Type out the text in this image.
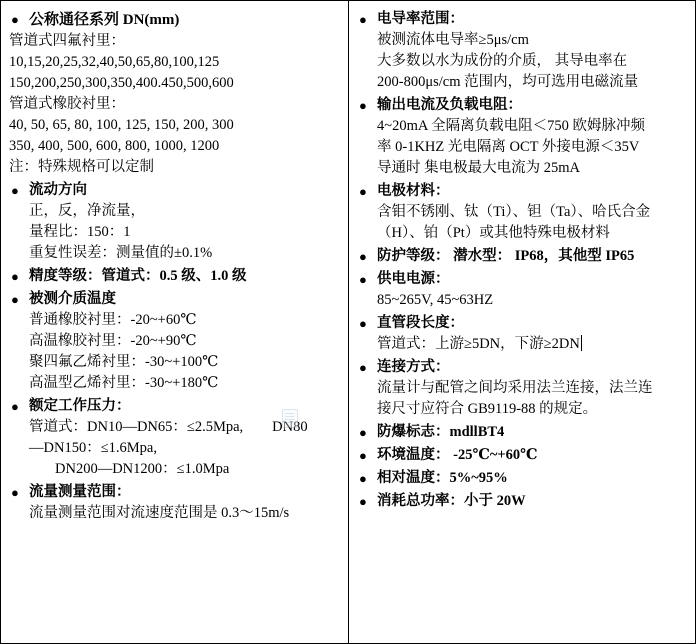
● 公称通径系列 DN(mm)
管道式四氟衬里：
10,15,20,25,32,40,50,65,80,100,125
150,200,250,300,350,400.450,500,600
管道式橡胶衬里：
40, 50, 65, 80, 100, 125, 150, 200, 300
350, 400, 500, 600, 800, 1000, 1200
注：特殊规格可以定制
● 流动方向
正，反，净流量，
量程比：150：1
重复性误差：测量值的±0.1%
● 精度等级：管道式：0.5 级、1.0 级
● 被测介质温度
普通橡胶衬里：-20~+60℃
高温橡胶衬里：-20~+90℃
聚四氟乙烯衬里：-30~+100℃
高温型乙烯衬里：-30~+180℃
● 额定工作压力：
管道式：DN10—DN65：≤2.5Mpa,　　DN80
—DN150：≤1.6Mpa,
DN200—DN1200：≤1.0Mpa
● 流量测量范围：
流量测量范围对流速度范围是 0.3～15m/s
● 电导率范围：
被测流体电导率≥5μs/cm
大多数以水为成份的介质， 其导电率在
200-800μs/cm 范围内，均可选用电磁流量
● 输出电流及负载电阻：
4~20mA 全隔离负载电阻＜750 欧姆脉冲频
率 0-1KHZ 光电隔离 OCT 外接电源＜35V
导通时 集电极最大电流为 25mA
● 电极材料：
含钼不锈刚、钛（Ti）、钽（Ta）、哈氏合金
（H）、铂（Pt）或其他特殊电极材料
● 防护等级： 潜水型： IP68，其他型 IP65
● 供电电源：
85~265V, 45~63HZ
● 直管段长度：
管道式：上游≥5DN，下游≥2DN
● 连接方式：
流量计与配管之间均采用法兰连接，法兰连
接尺寸应符合 GB9119-88 的规定。
● 防爆标志：mdllBT4
● 环境温度： -25℃~+60℃
● 相对温度：5%~95%
● 消耗总功率：小于 20W
